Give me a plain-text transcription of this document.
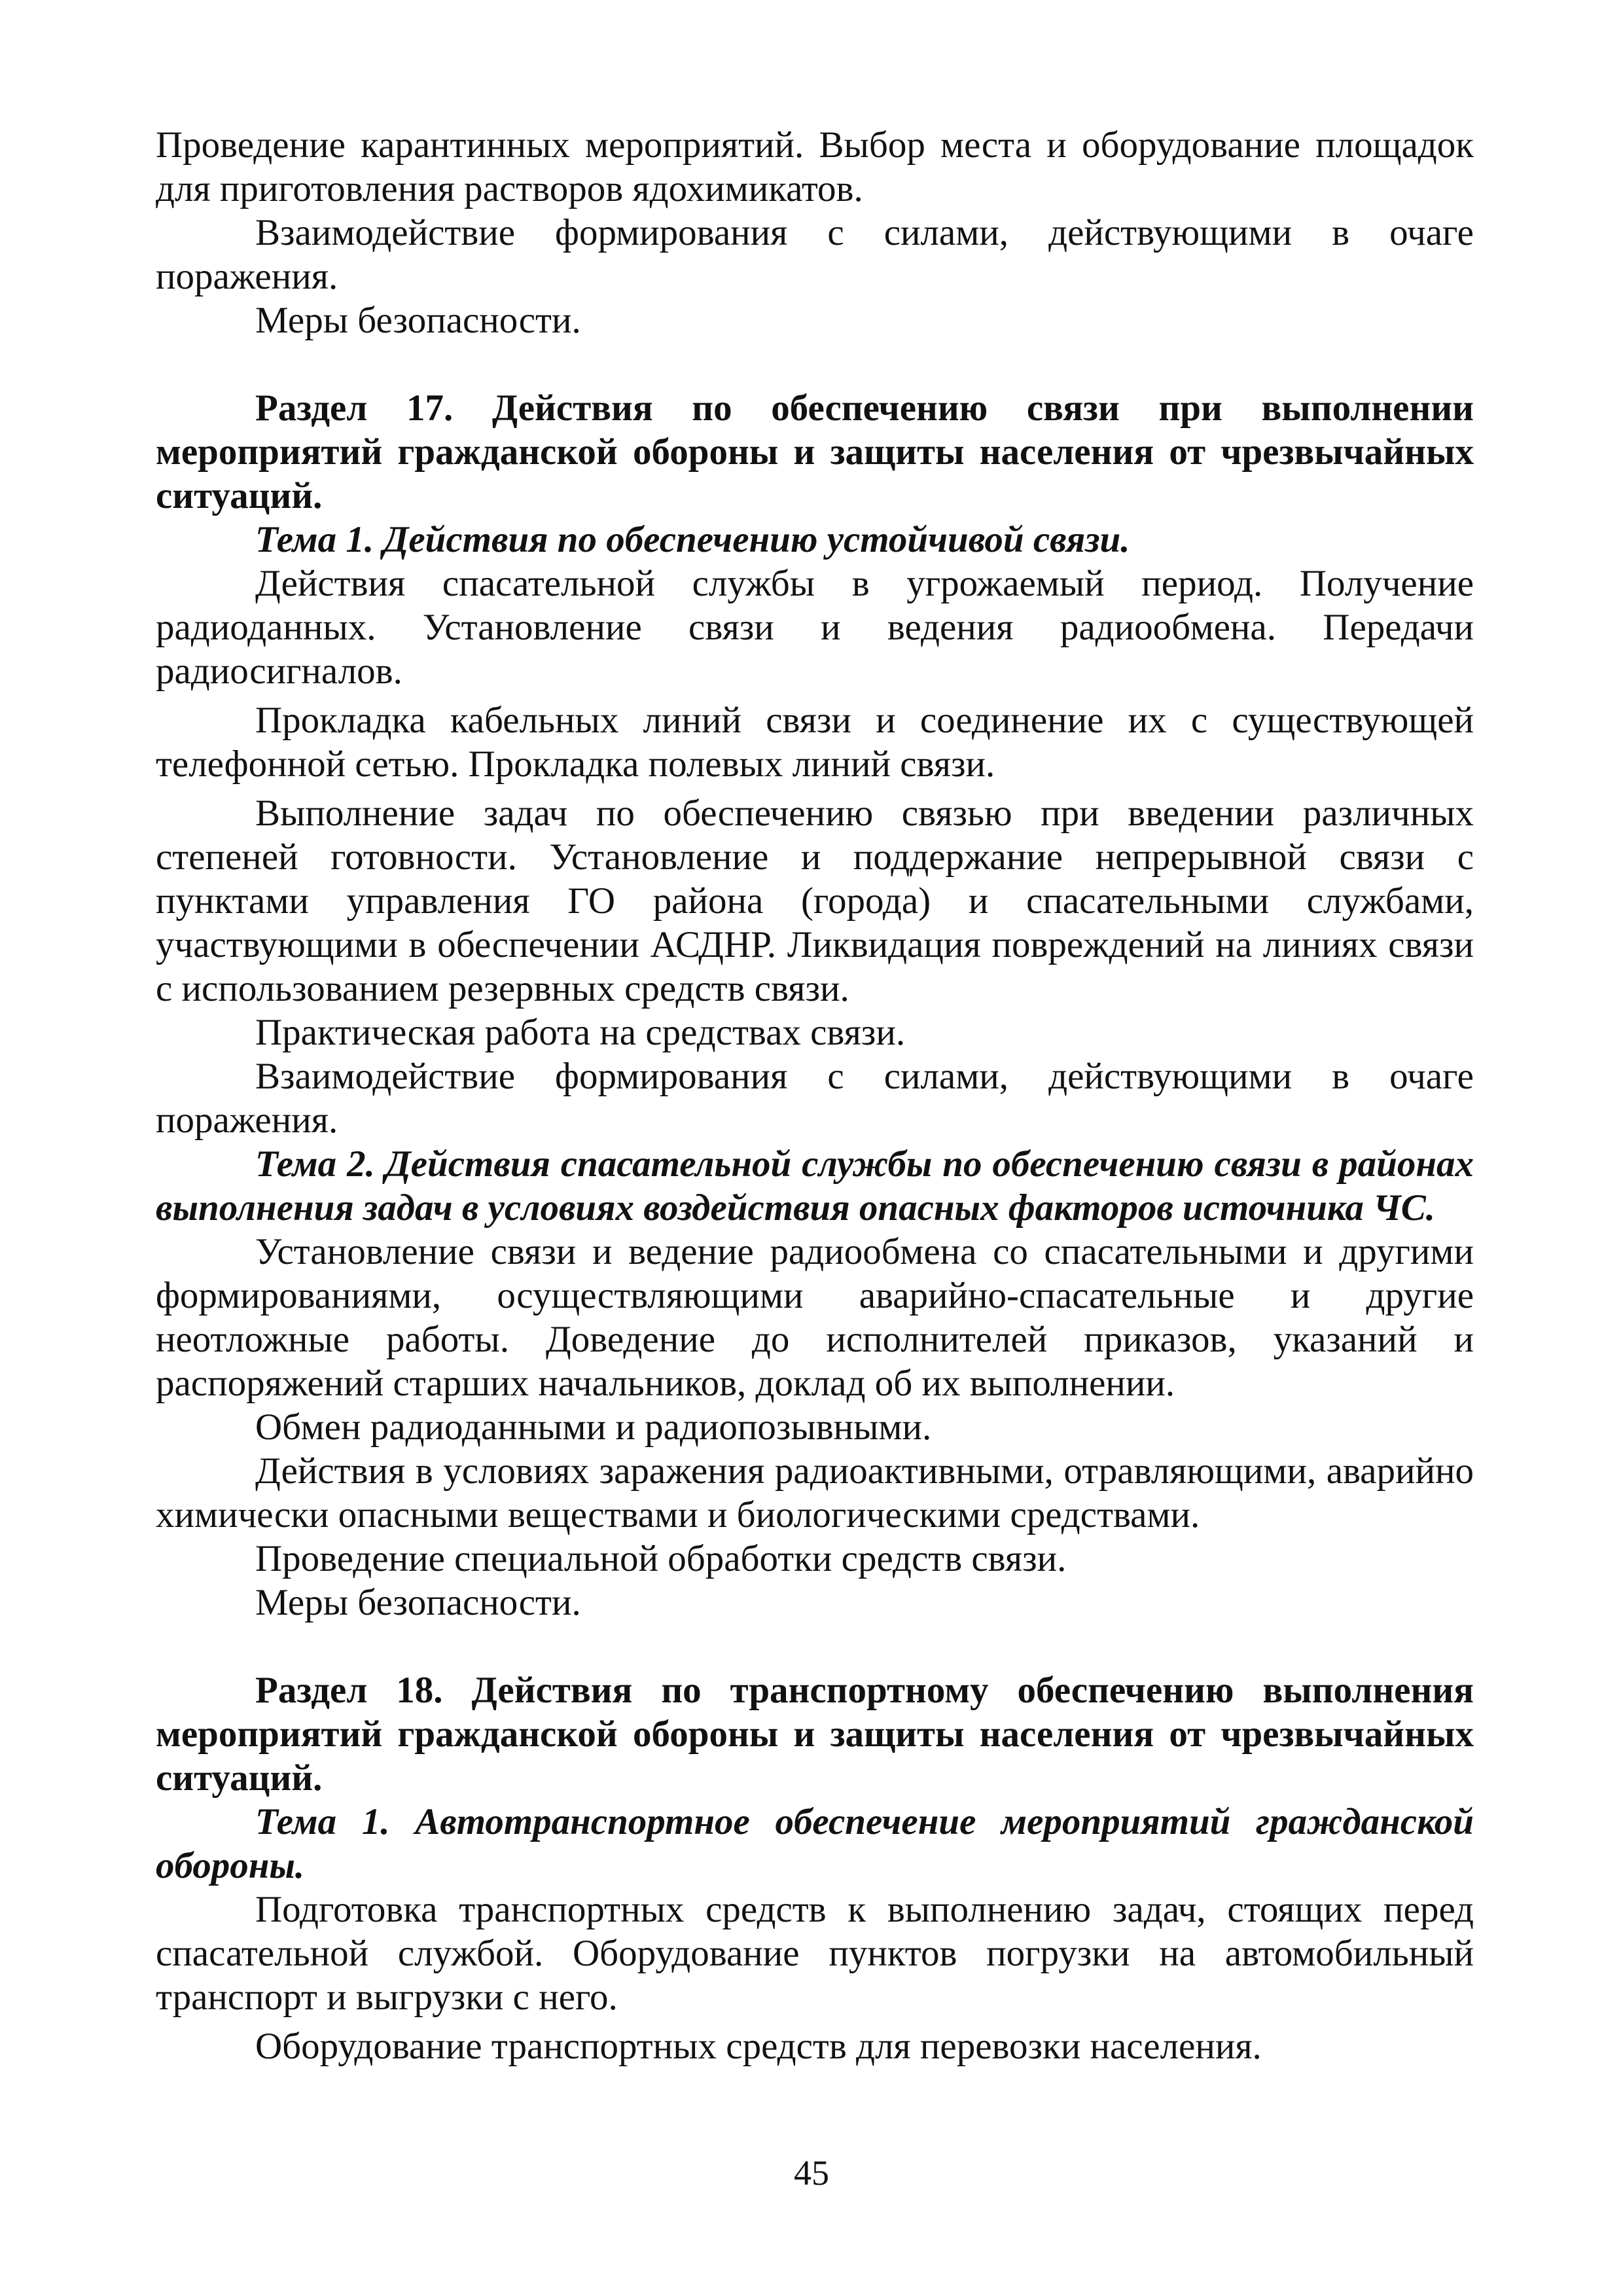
Проведение карантинных мероприятий. Выбор места и оборудование площадок для приготовления растворов ядохимикатов.

Взаимодействие формирования с силами, действующими в очаге поражения.

Меры безопасности.

Раздел 17. Действия по обеспечению связи при выполнении мероприятий гражданской обороны и защиты населения от чрезвычайных ситуаций.

Тема 1. Действия по обеспечению устойчивой связи.

Действия спасательной службы в угрожаемый период. Получение радиоданных. Установление связи и ведения радиообмена. Передачи радиосигналов.

Прокладка кабельных линий связи и соединение их с существующей телефонной сетью. Прокладка полевых линий связи.

Выполнение задач по обеспечению связью при введении различных степеней готовности. Установление и поддержание непрерывной связи с пунктами управления ГО района (города) и спасательными службами, участвующими в обеспечении АСДНР. Ликвидация повреждений на линиях связи с использованием резервных средств связи.

Практическая работа на средствах связи.

Взаимодействие формирования с силами, действующими в очаге поражения.

Тема 2. Действия спасательной службы по обеспечению связи в районах выполнения задач в условиях воздействия опасных факторов источника ЧС.

Установление связи и ведение радиообмена со спасательными и другими формированиями, осуществляющими аварийно-спасательные и другие неотложные работы. Доведение до исполнителей приказов, указаний и распоряжений старших начальников, доклад об их выполнении.

Обмен радиоданными и радиопозывными.

Действия в условиях заражения радиоактивными, отравляющими, аварийно химически опасными веществами и биологическими средствами.

Проведение специальной обработки средств связи.

Меры безопасности.

Раздел 18. Действия по транспортному обеспечению выполнения мероприятий гражданской обороны и защиты населения от чрезвычайных ситуаций.

Тема 1. Автотранспортное обеспечение мероприятий гражданской обороны.

Подготовка транспортных средств к выполнению задач, стоящих перед спасательной службой. Оборудование пунктов погрузки на автомобильный транспорт и выгрузки с него.

Оборудование транспортных средств для перевозки населения.

45
